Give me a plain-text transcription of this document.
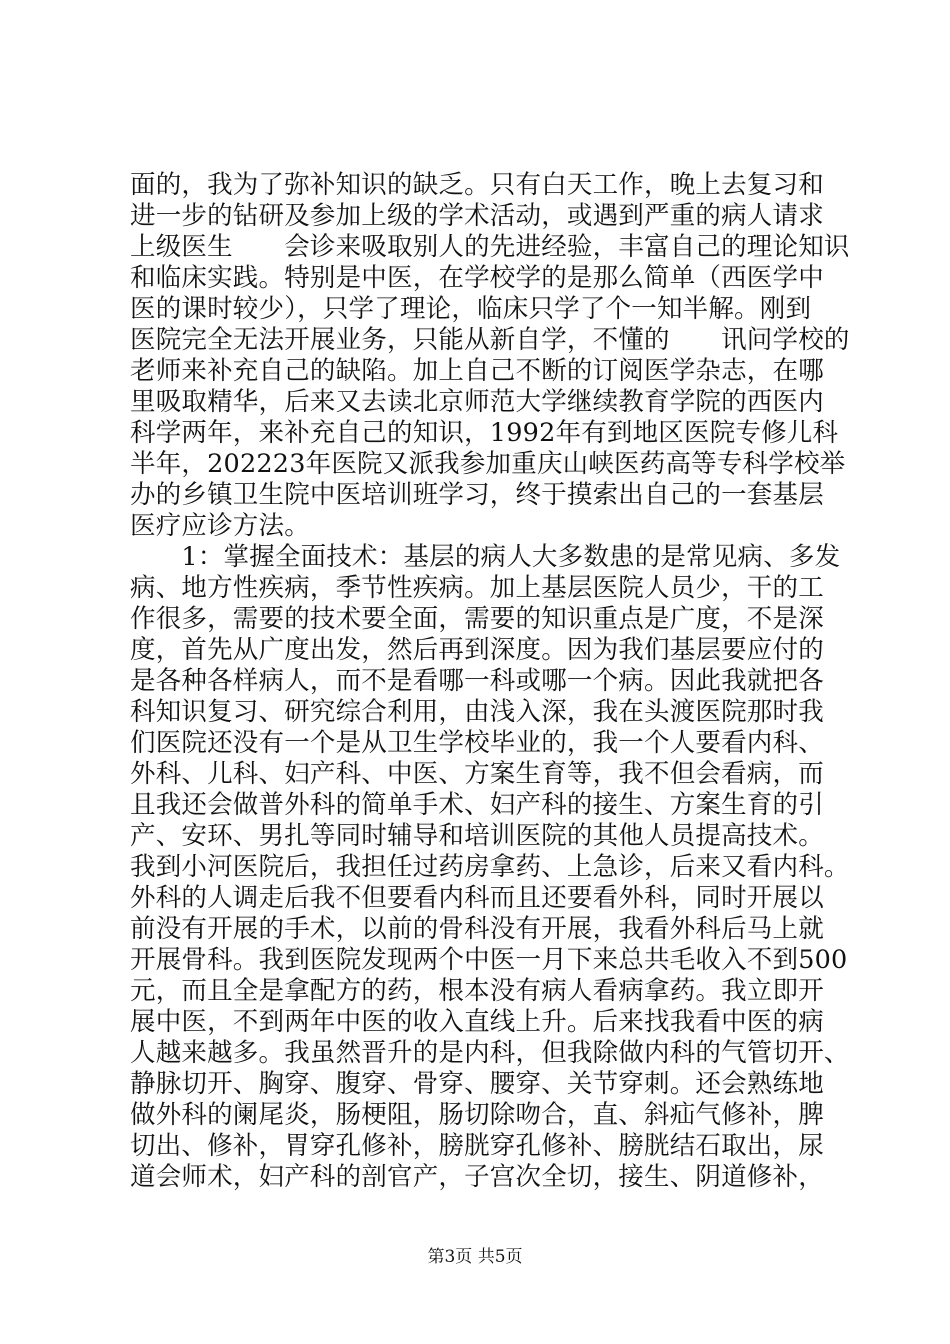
面的，我为了弥补知识的缺乏。只有白天工作，晚上去复习和
进一步的钻研及参加上级的学术活动，或遇到严重的病人请求
上级医生　　会诊来吸取别人的先进经验，丰富自己的理论知识
和临床实践。特别是中医，在学校学的是那么简单（西医学中
医的课时较少），只学了理论，临床只学了个一知半解。刚到
医院完全无法开展业务，只能从新自学，不懂的　　讯问学校的
老师来补充自己的缺陷。加上自己不断的订阅医学杂志，在哪
里吸取精华，后来又去读北京师范大学继续教育学院的西医内
科学两年，来补充自己的知识，1992年有到地区医院专修儿科
半年，202223年医院又派我参加重庆山峡医药高等专科学校举
办的乡镇卫生院中医培训班学习，终于摸索出自己的一套基层
医疗应诊方法。
　　1：掌握全面技术：基层的病人大多数患的是常见病、多发
病、地方性疾病，季节性疾病。加上基层医院人员少，干的工
作很多，需要的技术要全面，需要的知识重点是广度，不是深
度，首先从广度出发，然后再到深度。因为我们基层要应付的
是各种各样病人，而不是看哪一科或哪一个病。因此我就把各
科知识复习、研究综合利用，由浅入深，我在头渡医院那时我
们医院还没有一个是从卫生学校毕业的，我一个人要看内科、
外科、儿科、妇产科、中医、方案生育等，我不但会看病，而
且我还会做普外科的简单手术、妇产科的接生、方案生育的引
产、安环、男扎等同时辅导和培训医院的其他人员提高技术。
我到小河医院后，我担任过药房拿药、上急诊，后来又看内科。
外科的人调走后我不但要看内科而且还要看外科，同时开展以
前没有开展的手术，以前的骨科没有开展，我看外科后马上就
开展骨科。我到医院发现两个中医一月下来总共毛收入不到500
元，而且全是拿配方的药，根本没有病人看病拿药。我立即开
展中医，不到两年中医的收入直线上升。后来找我看中医的病
人越来越多。我虽然晋升的是内科，但我除做内科的气管切开、
静脉切开、胸穿、腹穿、骨穿、腰穿、关节穿刺。还会熟练地
做外科的阑尾炎，肠梗阻，肠切除吻合，直、斜疝气修补，脾
切出、修补，胃穿孔修补，膀胱穿孔修补、膀胱结石取出，尿
道会师术，妇产科的剖官产，子宫次全切，接生、阴道修补，
第3页 共5页
